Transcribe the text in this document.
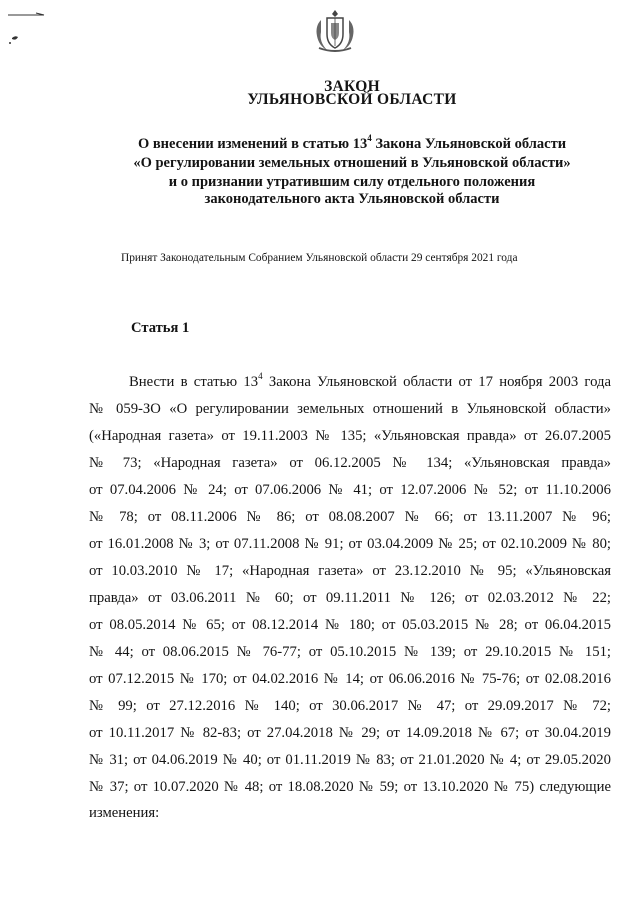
ЗАКОН
УЛЬЯНОВСКОЙ ОБЛАСТИ
О внесении изменений в статью $13^4$ Закона Ульяновской области
«О регулировании земельных отношений в Ульяновской области»
и о признании утратившим силу отдельного положения
законодательного акта Ульяновской области
Принят Законодательным Собранием Ульяновской области 29 сентября 2021 года
Статья 1
Внести в статью $13^4$ Закона Ульяновской области от 17 ноября 2003 года
№ 059-ЗО «О регулировании земельных отношений в Ульяновской области»
(«Народная газета» от 19.11.2003 № 135; «Ульяновская правда» от 26.07.2005
№ 73; «Народная газета» от 06.12.2005 № 134; «Ульяновская правда»
от 07.04.2006 № 24; от 07.06.2006 № 41; от 12.07.2006 № 52; от 11.10.2006
№ 78; от 08.11.2006 № 86; от 08.08.2007 № 66; от 13.11.2007 № 96;
от 16.01.2008 № 3; от 07.11.2008 № 91; от 03.04.2009 № 25; от 02.10.2009 № 80;
от 10.03.2010 № 17; «Народная газета» от 23.12.2010 № 95; «Ульяновская
правда» от 03.06.2011 № 60; от 09.11.2011 № 126; от 02.03.2012 № 22;
от 08.05.2014 № 65; от 08.12.2014 № 180; от 05.03.2015 № 28; от 06.04.2015
№ 44; от 08.06.2015 № 76-77; от 05.10.2015 № 139; от 29.10.2015 № 151;
от 07.12.2015 № 170; от 04.02.2016 № 14; от 06.06.2016 № 75-76; от 02.08.2016
№ 99; от 27.12.2016 № 140; от 30.06.2017 № 47; от 29.09.2017 № 72;
от 10.11.2017 № 82-83; от 27.04.2018 № 29; от 14.09.2018 № 67; от 30.04.2019
№ 31; от 04.06.2019 № 40; от 01.11.2019 № 83; от 21.01.2020 № 4; от 29.05.2020
№ 37; от 10.07.2020 № 48; от 18.08.2020 № 59; от 13.10.2020 № 75) следующие
изменения:
